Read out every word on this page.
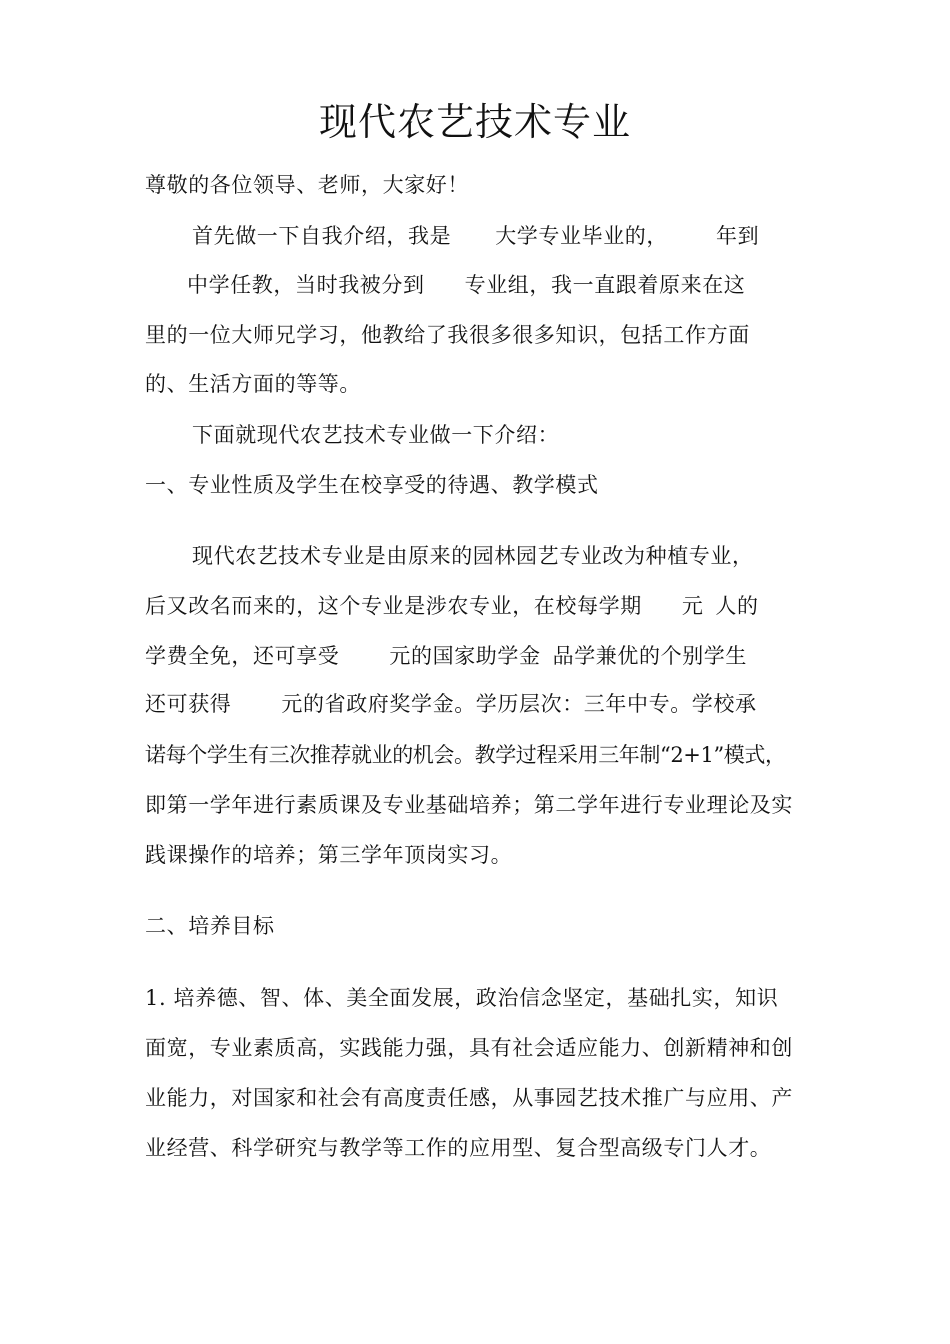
现代农艺技术专业
尊敬的各位领导、老师，大家好！
首先做一下自我介绍，我是 大学专业毕业的， 年到
中学任教，当时我被分到 专业组，我一直跟着原来在这
里的一位大师兄学习，他教给了我很多很多知识，包括工作方面
的、生活方面的等等。
下面就现代农艺技术专业做一下介绍：
一、专业性质及学生在校享受的待遇、教学模式
现代农艺技术专业是由原来的园林园艺专业改为种植专业，
后又改名而来的，这个专业是涉农专业，在校每学期 元 人的
学费全免，还可享受 元的国家助学金 品学兼优的个别学生
还可获得 元的省政府奖学金。学历层次：三年中专。学校承
诺每个学生有三次推荐就业的机会。教学过程采用三年制“2+1”模式，
即第一学年进行素质课及专业基础培养；第二学年进行专业理论及实
践课操作的培养；第三学年顶岗实习。
二、培养目标
1. 培养德、智、体、美全面发展，政治信念坚定，基础扎实，知识
面宽，专业素质高，实践能力强，具有社会适应能力、创新精神和创
业能力，对国家和社会有高度责任感，从事园艺技术推广与应用、产
业经营、科学研究与教学等工作的应用型、复合型高级专门人才。
